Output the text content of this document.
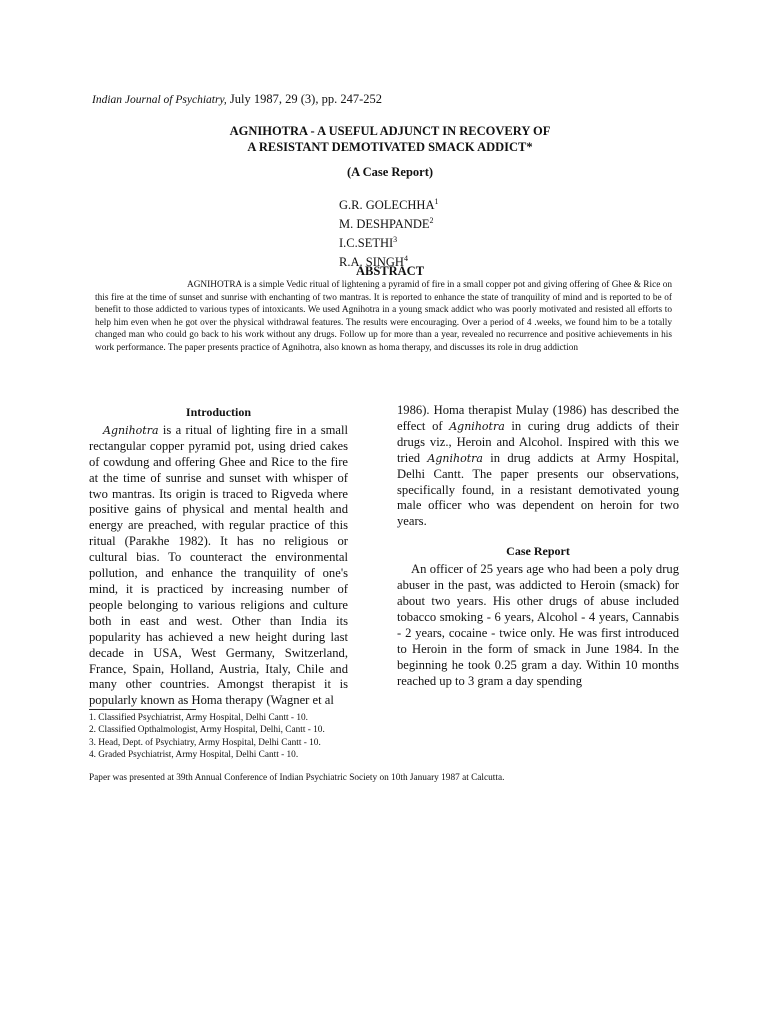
Indian Journal of Psychiatry, July 1987, 29 (3), pp. 247-252
AGNIHOTRA - A USEFUL ADJUNCT IN RECOVERY OF
A RESISTANT DEMOTIVATED SMACK ADDICT*
(A Case Report)
G.R. GOLECHHA$^1$
M. DESHPANDE$^2$
I.C.SETHI$^3$
R.A. SINGH$^4$
ABSTRACT
AGNIHOTRA is a simple Vedic ritual of lightening a pyramid of fire in a small copper pot and giving offering of Ghee & Rice on this fire at the time of sunset and sunrise with enchanting of two mantras. It is reported to enhance the state of tranquility of mind and is reported to be of benefit to those addicted to various types of intoxicants. We used Agnihotra in a young smack addict who was poorly motivated and resisted all efforts to help him even when he got over the physical withdrawal features. The results were encouraging. Over a period of 4 .weeks, we found him to be a totally changed man who could go back to his work without any drugs. Follow up for more than a year, revealed no recurrence and positive achievements in his work performance. The paper presents practice of Agnihotra, also known as homa therapy, and discusses its role in drug addiction
Introduction

Agnihotra is a ritual of lighting fire in a small rectangular copper pyramid pot, using dried cakes of cowdung and offering Ghee and Rice to the fire at the time of sunrise and sunset with whisper of two mantras. Its origin is traced to Rigveda where positive gains of physical and mental health and energy are preached, with regular practice of this ritual (Parakhe 1982). It has no religious or cultural bias. To counteract the environmental pollution, and enhance the tranquility of one's mind, it is practiced by increasing number of people belonging to various religions and culture both in east and west. Other than India its popularity has achieved a new height during last decade in USA, West Germany, Switzerland, France, Spain, Holland, Austria, Italy, Chile and many other countries. Amongst therapist it is popularly known as Homa therapy (Wagner et al

1986). Homa therapist Mulay (1986) has described the effect of Agnihotra in curing drug addicts of their drugs viz., Heroin and Alcohol. Inspired with this we tried Agnihotra in drug addicts at Army Hospital, Delhi Cantt. The paper presents our observations, specifically found, in a resistant demotivated young male officer who was dependent on heroin for two years.

Case Report

An officer of 25 years age who had been a poly drug abuser in the past, was addicted to Heroin (smack) for about two years. His other drugs of abuse included tobacco smoking - 6 years, Alcohol - 4 years, Cannabis - 2 years, cocaine - twice only. He was first introduced to Heroin in the form of smack in June 1984. In the beginning he took 0.25 gram a day. Within 10 months reached up to 3 gram a day spending

1. Classified Psychiatrist, Army Hospital, Delhi Cantt - 10.
2. Classified Opthalmologist, Army Hospital, Delhi, Cantt - 10.
3. Head, Dept. of Psychiatry, Army Hospital, Delhi Cantt - 10.
4. Graded Psychiatrist, Army Hospital, Delhi Cantt - 10.
Paper was presented at 39th Annual Conference of Indian Psychiatric Society on 10th January 1987 at Calcutta.
